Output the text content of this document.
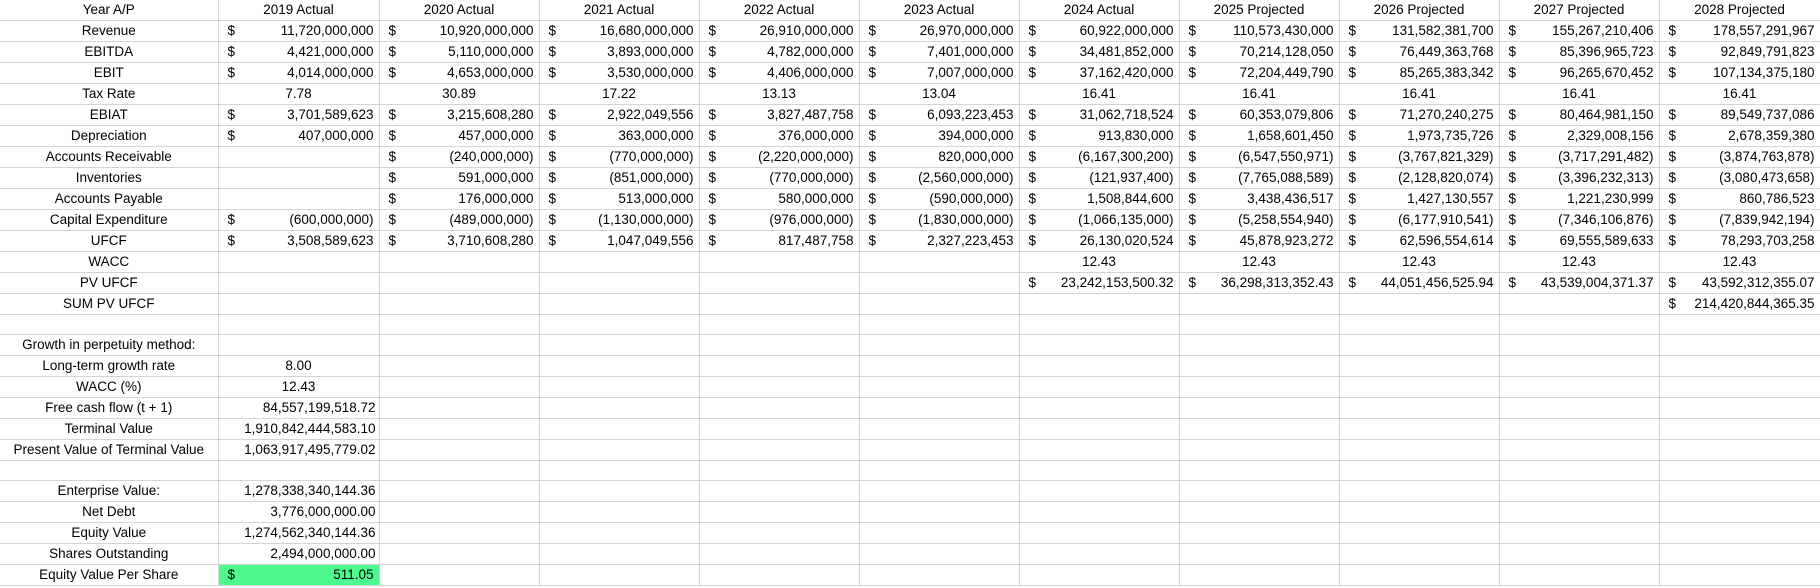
Year A/P	2019 Actual	2020 Actual	2021 Actual	2022 Actual	2023 Actual	2024 Actual	2025 Projected	2026 Projected	2027 Projected	2028 Projected
Revenue	$ 11,720,000,000	$ 10,920,000,000	$ 16,680,000,000	$ 26,910,000,000	$ 26,970,000,000	$ 60,922,000,000	$ 110,573,430,000	$ 131,582,381,700	$ 155,267,210,406	$ 178,557,291,967

EBITDA	$ 4,421,000,000	$ 5,110,000,000	$ 3,893,000,000	$ 4,782,000,000	$ 7,401,000,000	$ 34,481,852,000	$ 70,214,128,050	$ 76,449,363,768	$ 85,396,965,723	$ 92,849,791,823

EBIT	$ 4,014,000,000	$ 4,653,000,000	$ 3,530,000,000	$ 4,406,000,000	$ 7,007,000,000	$ 37,162,420,000	$ 72,204,449,790	$ 85,265,383,342	$ 96,265,670,452	$ 107,134,375,180

Tax Rate	7.78	30.89	17.22	13.13	13.04	16.41	16.41	16.41	16.41	16.41
EBIAT	$ 3,701,589,623	$ 3,215,608,280	$ 2,922,049,556	$ 3,827,487,758	$ 6,093,223,453	$ 31,062,718,524	$ 60,353,079,806	$ 71,270,240,275	$ 80,464,981,150	$ 89,549,737,086

Depreciation	$ 407,000,000	$ 457,000,000	$ 363,000,000	$ 376,000,000	$ 394,000,000	$ 913,830,000	$ 1,658,601,450	$ 1,973,735,726	$ 2,329,008,156	$ 2,678,359,380

Accounts Receivable		$ (240,000,000)	$ (770,000,000)	$ (2,220,000,000)	$ 820,000,000	$ (6,167,300,200)	$ (6,547,550,971)	$ (3,767,821,329)	$ (3,717,291,482)	$ (3,874,763,878)

Inventories		$ 591,000,000	$ (851,000,000)	$ (770,000,000)	$ (2,560,000,000)	$ (121,937,400)	$ (7,765,088,589)	$ (2,128,820,074)	$ (3,396,232,313)	$ (3,080,473,658)

Accounts Payable		$ 176,000,000	$ 513,000,000	$ 580,000,000	$ (590,000,000)	$ 1,508,844,600	$ 3,438,436,517	$ 1,427,130,557	$ 1,221,230,999	$ 860,786,523

Capital Expenditure	$ (600,000,000)	$ (489,000,000)	$ (1,130,000,000)	$ (976,000,000)	$ (1,830,000,000)	$ (1,066,135,000)	$ (5,258,554,940)	$ (6,177,910,541)	$ (7,346,106,876)	$ (7,839,942,194)

UFCF	$ 3,508,589,623	$ 3,710,608,280	$ 1,047,049,556	$ 817,487,758	$ 2,327,223,453	$ 26,130,020,524	$ 45,878,923,272	$ 62,596,554,614	$ 69,555,589,633	$ 78,293,703,258

WACC						12.43	12.43	12.43	12.43	12.43
PV UFCF						$ 23,242,153,500.32	$ 36,298,313,352.43	$ 44,051,456,525.94	$ 43,539,004,371.37	$ 43,592,312,355.07

SUM PV UFCF										$ 214,420,844,365.35

Growth in perpetuity method:										
Long-term growth rate	8.00									
WACC (%)	12.43									
Free cash flow (t + 1)	84,557,199,518.72									
Terminal Value	1,910,842,444,583.10									
Present Value of Terminal Value	1,063,917,495,779.02									

Enterprise Value:	1,278,338,340,144.36									
Net Debt	3,776,000,000.00									
Equity Value	1,274,562,340,144.36									
Shares Outstanding	2,494,000,000.00									
Equity Value Per Share	$ 511.05									
